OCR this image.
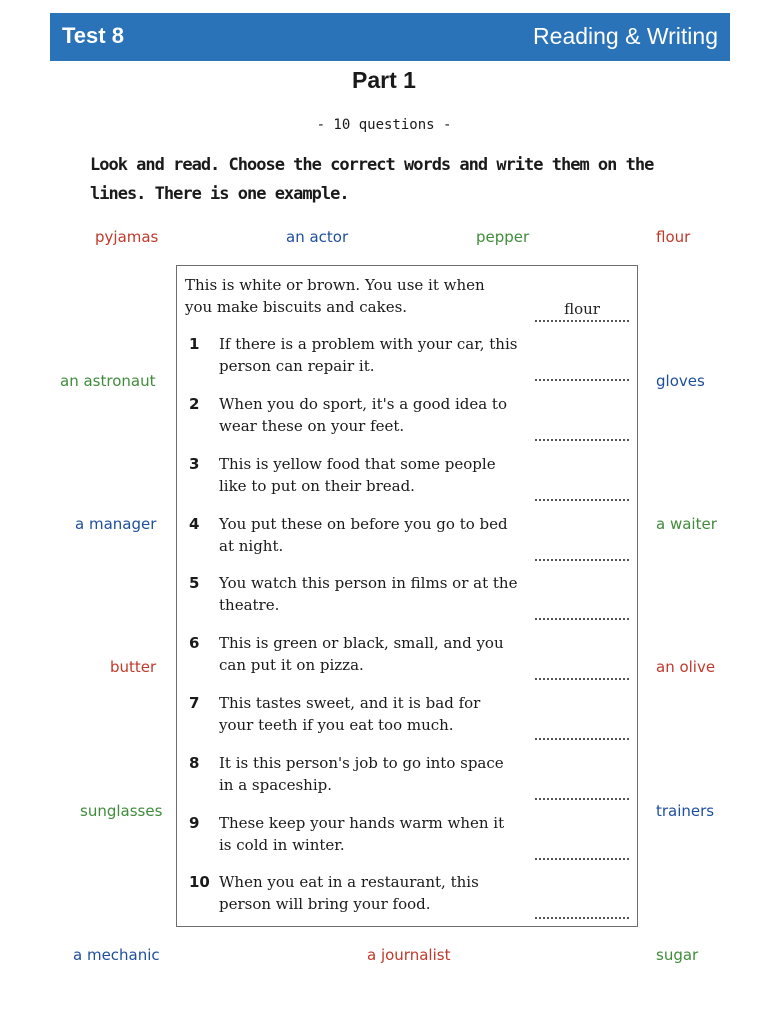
Test 8	Reading & Writing
Part 1
- 10 questions -
Look and read. Choose the correct words and write them on the lines. There is one example.
pyjamas	an actor	pepper	flour
an astronaut	gloves
a manager	a waiter
butter	an olive
sunglasses	trainers
a mechanic	a journalist	sugar
This is white or brown. You use it when you make biscuits and cakes.	flour
1	If there is a problem with your car, this person can repair it.
2	When you do sport, it's a good idea to wear these on your feet.
3	This is yellow food that some people like to put on their bread.
4	You put these on before you go to bed at night.
5	You watch this person in films or at the theatre.
6	This is green or black, small, and you can put it on pizza.
7	This tastes sweet, and it is bad for your teeth if you eat too much.
8	It is this person's job to go into space in a spaceship.
9	These keep your hands warm when it is cold in winter.
10 When you eat in a restaurant, this person will bring your food.
